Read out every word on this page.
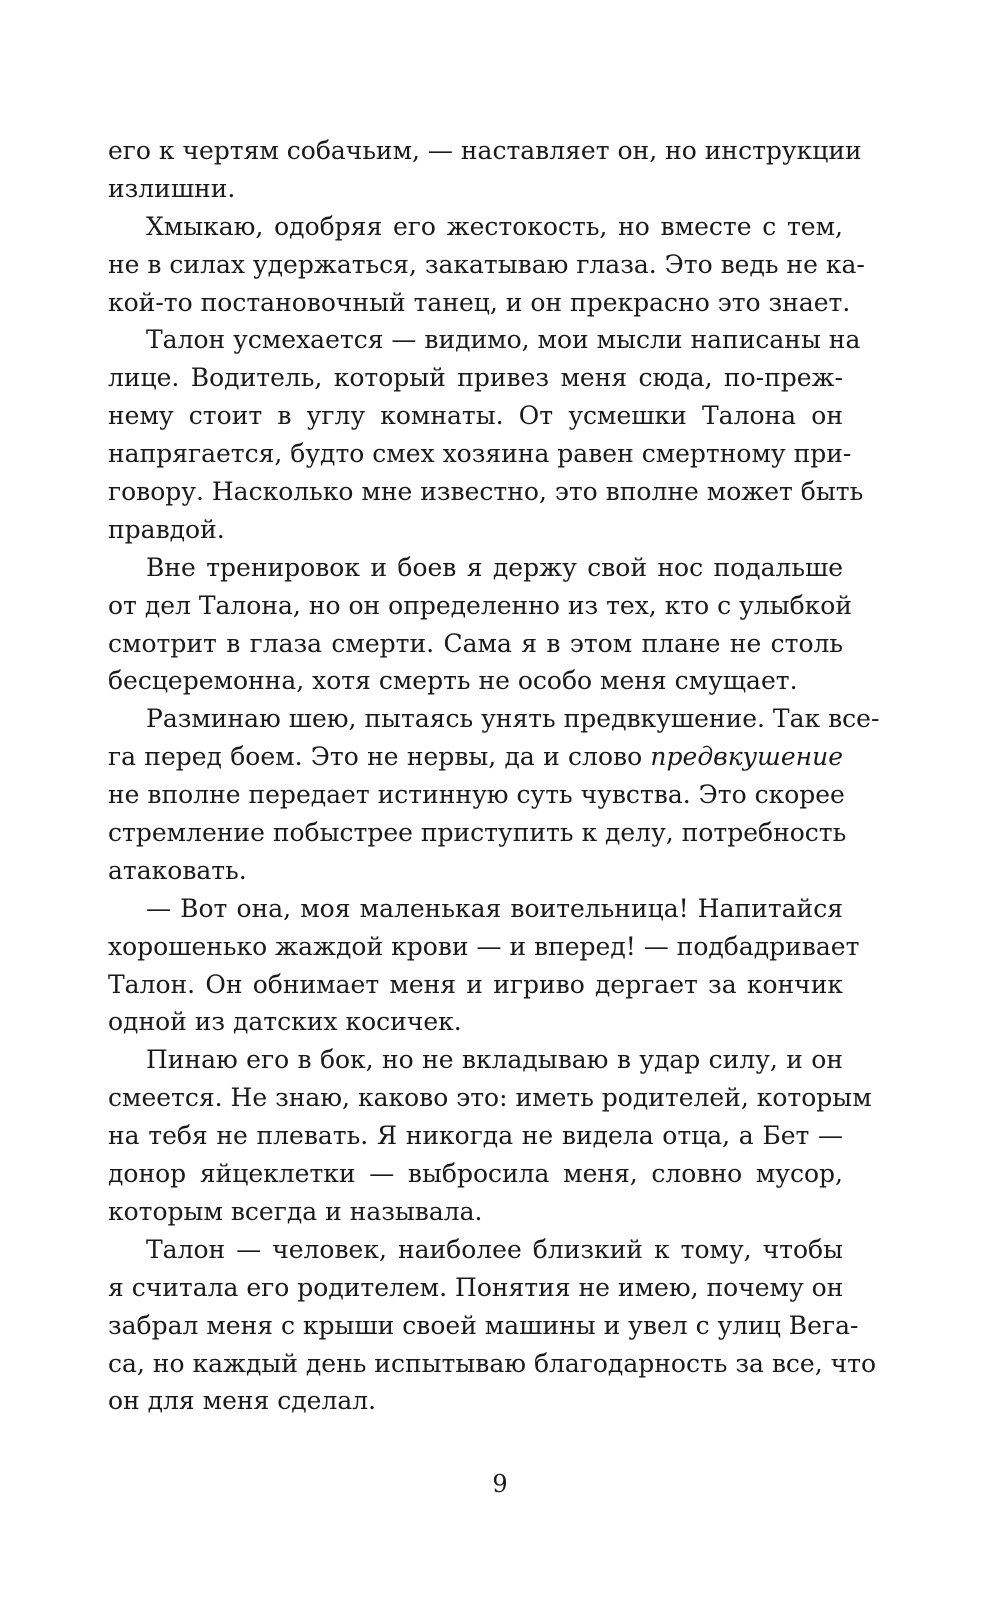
его к чертям собачьим, — наставляет он, но инструкции
излишни.
Хмыкаю, одобряя его жестокость, но вместе с тем,
не в силах удержаться, закатываю глаза. Это ведь не ка-
кой-то постановочный танец, и он прекрасно это знает.
Талон усмехается — видимо, мои мысли написаны на
лице. Водитель, который привез меня сюда, по-преж-
нему стоит в углу комнаты. От усмешки Талона он
напрягается, будто смех хозяина равен смертному при-
говору. Насколько мне известно, это вполне может быть
правдой.
Вне тренировок и боев я держу свой нос подальше
от дел Талона, но он определенно из тех, кто с улыбкой
смотрит в глаза смерти. Сама я в этом плане не столь
бесцеремонна, хотя смерть не особо меня смущает.
Разминаю шею, пытаясь унять предвкушение. Так все-
га перед боем. Это не нервы, да и слово предвкушение
не вполне передает истинную суть чувства. Это скорее
стремление побыстрее приступить к делу, потребность
атаковать.
— Вот она, моя маленькая воительница! Напитайся
хорошенько жаждой крови — и вперед! — подбадривает
Талон. Он обнимает меня и игриво дергает за кончик
одной из датских косичек.
Пинаю его в бок, но не вкладываю в удар силу, и он
смеется. Не знаю, каково это: иметь родителей, которым
на тебя не плевать. Я никогда не видела отца, а Бет —
донор яйцеклетки — выбросила меня, словно мусор,
которым всегда и называла.
Талон — человек, наиболее близкий к тому, чтобы
я считала его родителем. Понятия не имею, почему он
забрал меня с крыши своей машины и увел с улиц Вега-
са, но каждый день испытываю благодарность за все, что
он для меня сделал.
9
